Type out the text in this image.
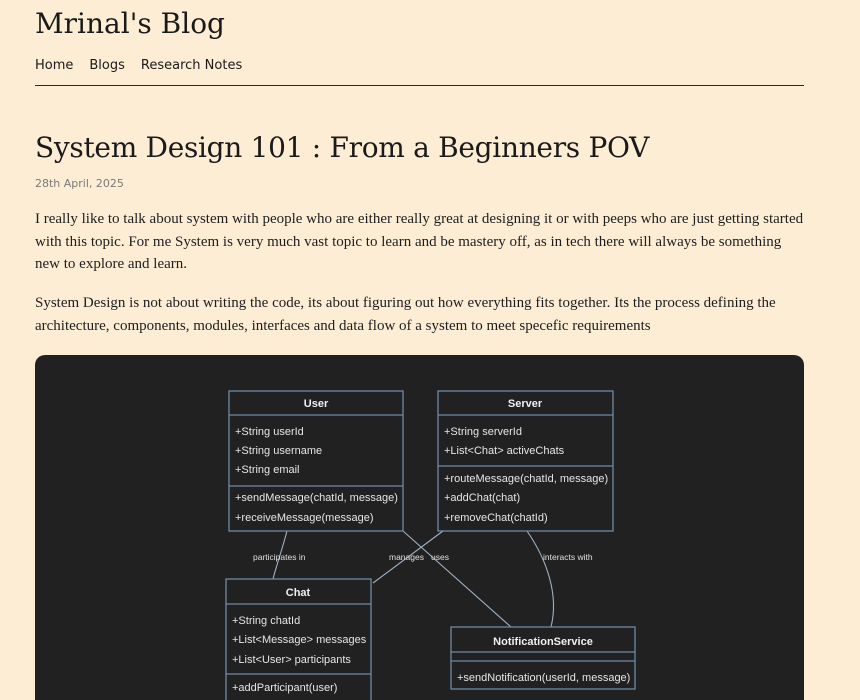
Mrinal's Blog
Home Blogs Research Notes
System Design 101 : From a Beginners POV
28th April, 2025

I really like to talk about system with people who are either really great at designing it or with peeps who are just getting started with this topic. For me System is very much vast topic to learn and be mastery off, as in tech there will always be something new to explore and learn.

System Design is not about writing the code, its about figuring out how everything fits together. Its the process defining the architecture, components, modules, interfaces and data flow of a system to meet specefic requirements

participates in	manages uses	interacts with
User
+String userId
+String username
+String email
+sendMessage(chatId, message)
+receiveMessage(message)
Server
+String serverId
+List<Chat> activeChats
+routeMessage(chatId, message)
+addChat(chat)
+removeChat(chatId)
Chat
+String chatId
+List<Message> messages
+List<User> participants
+addParticipant(user)
NotificationService
+sendNotification(userId, message)
